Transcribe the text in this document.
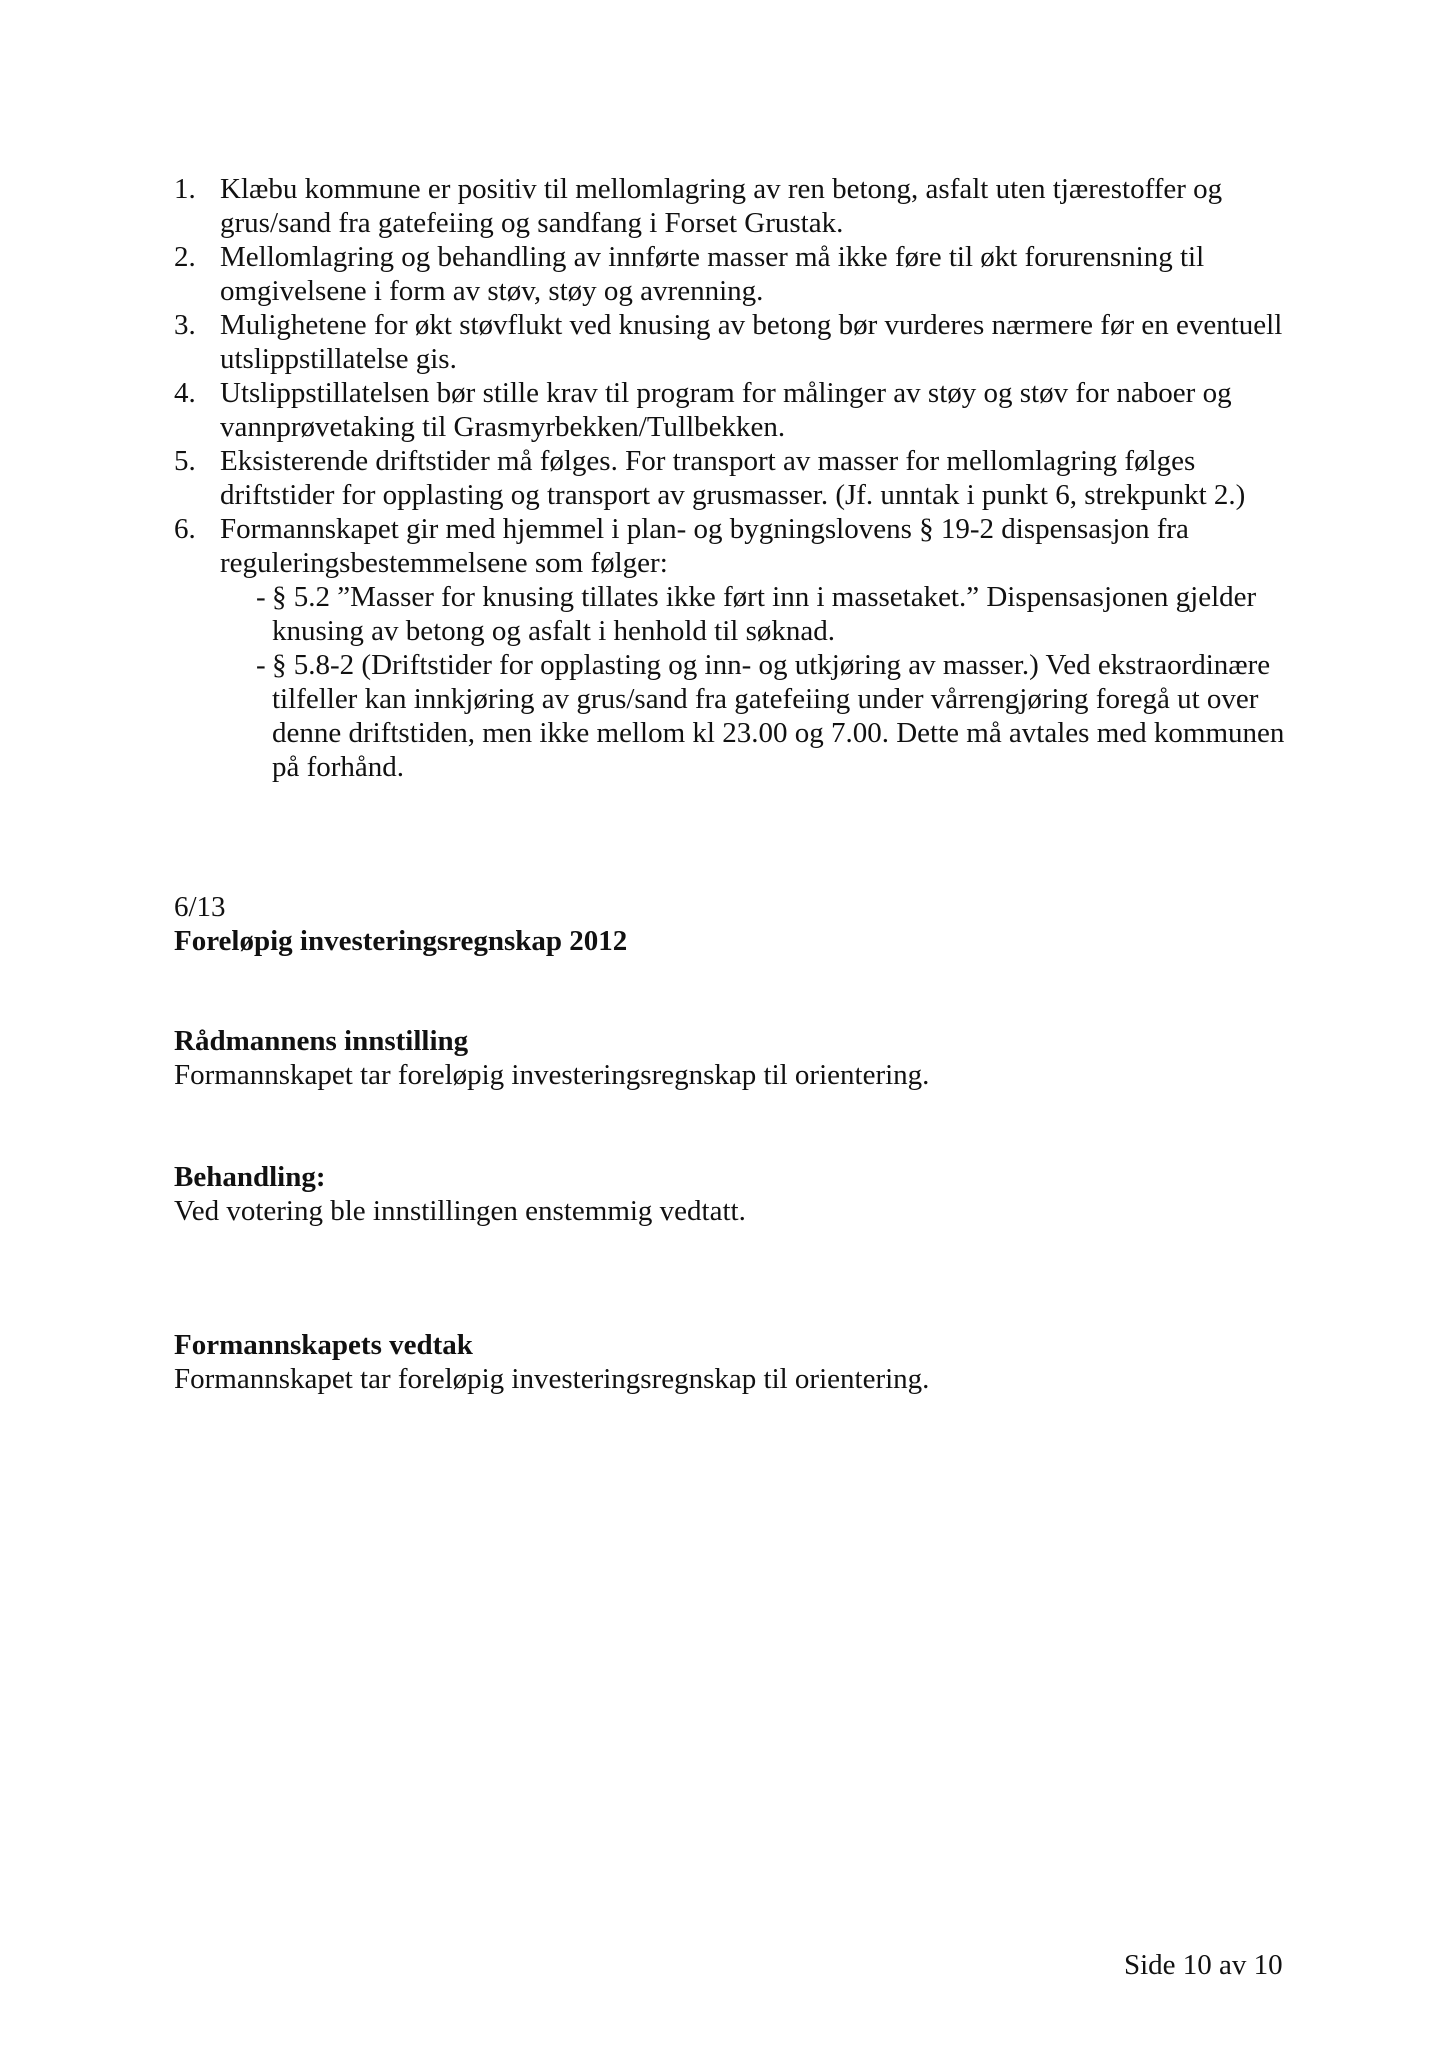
1. Klæbu kommune er positiv til mellomlagring av ren betong, asfalt uten tjærestoffer og grus/sand fra gatefeiing og sandfang i Forset Grustak.
2. Mellomlagring og behandling av innførte masser må ikke føre til økt forurensning til omgivelsene i form av støv, støy og avrenning.
3. Mulighetene for økt støvflukt ved knusing av betong bør vurderes nærmere før en eventuell utslippstillatelse gis.
4. Utslippstillatelsen bør stille krav til program for målinger av støy og støv for naboer og vannprøvetaking til Grasmyrbekken/Tullbekken.
5. Eksisterende driftstider må følges. For transport av masser for mellomlagring følges driftstider for opplasting og transport av grusmasser. (Jf. unntak i punkt 6, strekpunkt 2.)
6. Formannskapet gir med hjemmel i plan- og bygningslovens § 19-2 dispensasjon fra reguleringsbestemmelsene som følger:
- § 5.2 ”Masser for knusing tillates ikke ført inn i massetaket.” Dispensasjonen gjelder knusing av betong og asfalt i henhold til søknad.
- § 5.8-2 (Driftstider for opplasting og inn- og utkjøring av masser.) Ved ekstraordinære tilfeller kan innkjøring av grus/sand fra gatefeiing under vårrengjøring foregå ut over denne driftstiden, men ikke mellom kl 23.00 og 7.00. Dette må avtales med kommunen på forhånd.
6/13
Foreløpig investeringsregnskap 2012
Rådmannens innstilling
Formannskapet tar foreløpig investeringsregnskap til orientering.
Behandling:
Ved votering ble innstillingen enstemmig vedtatt.
Formannskapets vedtak
Formannskapet tar foreløpig investeringsregnskap til orientering.
Side 10 av 10
